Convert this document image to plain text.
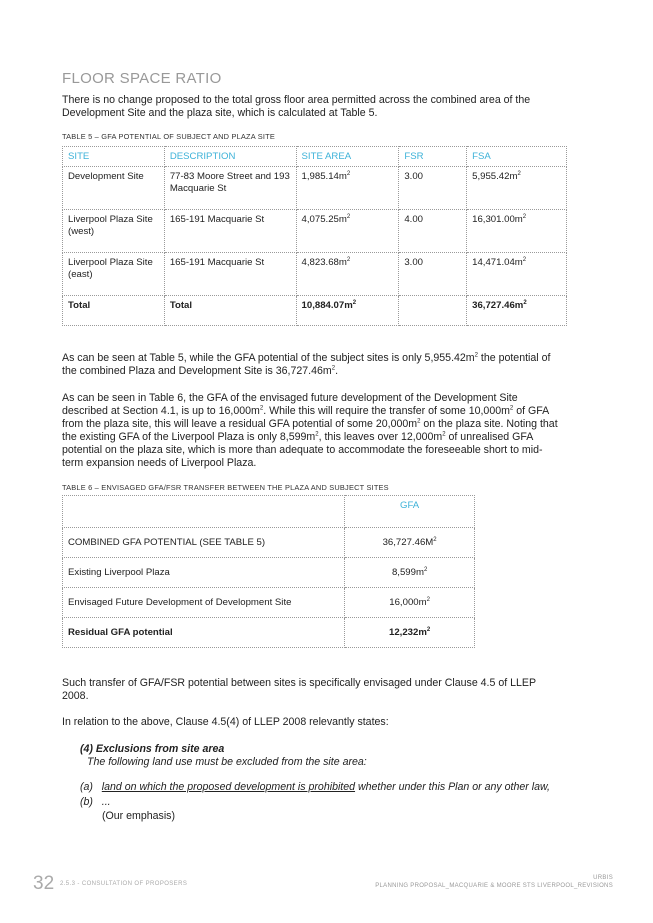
FLOOR SPACE RATIO
There is no change proposed to the total gross floor area permitted across the combined area of the Development Site and the plaza site, which is calculated at Table 5.
TABLE 5 – GFA POTENTIAL OF SUBJECT AND PLAZA SITE
SITE	DESCRIPTION	SITE AREA	FSR	FSA
Development Site	77-83 Moore Street and 193 Macquarie St	$1,985.14m^2$	3.00	$5,955.42m^2$
Liverpool Plaza Site (west)	165-191 Macquarie St	$4,075.25m^2$	4.00	$16,301.00m^2$
Liverpool Plaza Site (east)	165-191 Macquarie St	$4,823.68m^2$	3.00	$14,471.04m^2$
Total	Total	$10,884.07m^2$		$36,727.46m^2$
As can be seen at Table 5, while the GFA potential of the subject sites is only $5,955.42m^2$ the potential of the combined Plaza and Development Site is $36,727.46m^2$.
As can be seen in Table 6, the GFA of the envisaged future development of the Development Site described at Section 4.1, is up to $16,000m^2$. While this will require the transfer of some $10,000m^2$ of GFA from the plaza site, this will leave a residual GFA potential of some $20,000m^2$ on the plaza site. Noting that the existing GFA of the Liverpool Plaza is only $8,599m^2$, this leaves over $12,000m^2$ of unrealised GFA potential on the plaza site, which is more than adequate to accommodate the foreseeable short to mid-term expansion needs of Liverpool Plaza.
TABLE 6 – ENVISAGED GFA/FSR TRANSFER BETWEEN THE PLAZA AND SUBJECT SITES
	GFA
COMBINED GFA POTENTIAL (SEE TABLE 5)	$36,727.46M^2$
Existing Liverpool Plaza	$8,599m^2$
Envisaged Future Development of Development Site	$16,000m^2$
Residual GFA potential	$12,232m^2$
Such transfer of GFA/FSR potential between sites is specifically envisaged under Clause 4.5 of LLEP 2008.
In relation to the above, Clause 4.5(4) of LLEP 2008 relevantly states:
(4) Exclusions from site area
The following land use must be excluded from the site area:
(a) land on which the proposed development is prohibited whether under this Plan or any other law,
(b) ...
(Our emphasis)
32 2.5.3 - CONSULTATION OF PROPOSERS
URBIS
PLANNING PROPOSAL_MACQUARIE & MOORE STS LIVERPOOL_REVISIONS
